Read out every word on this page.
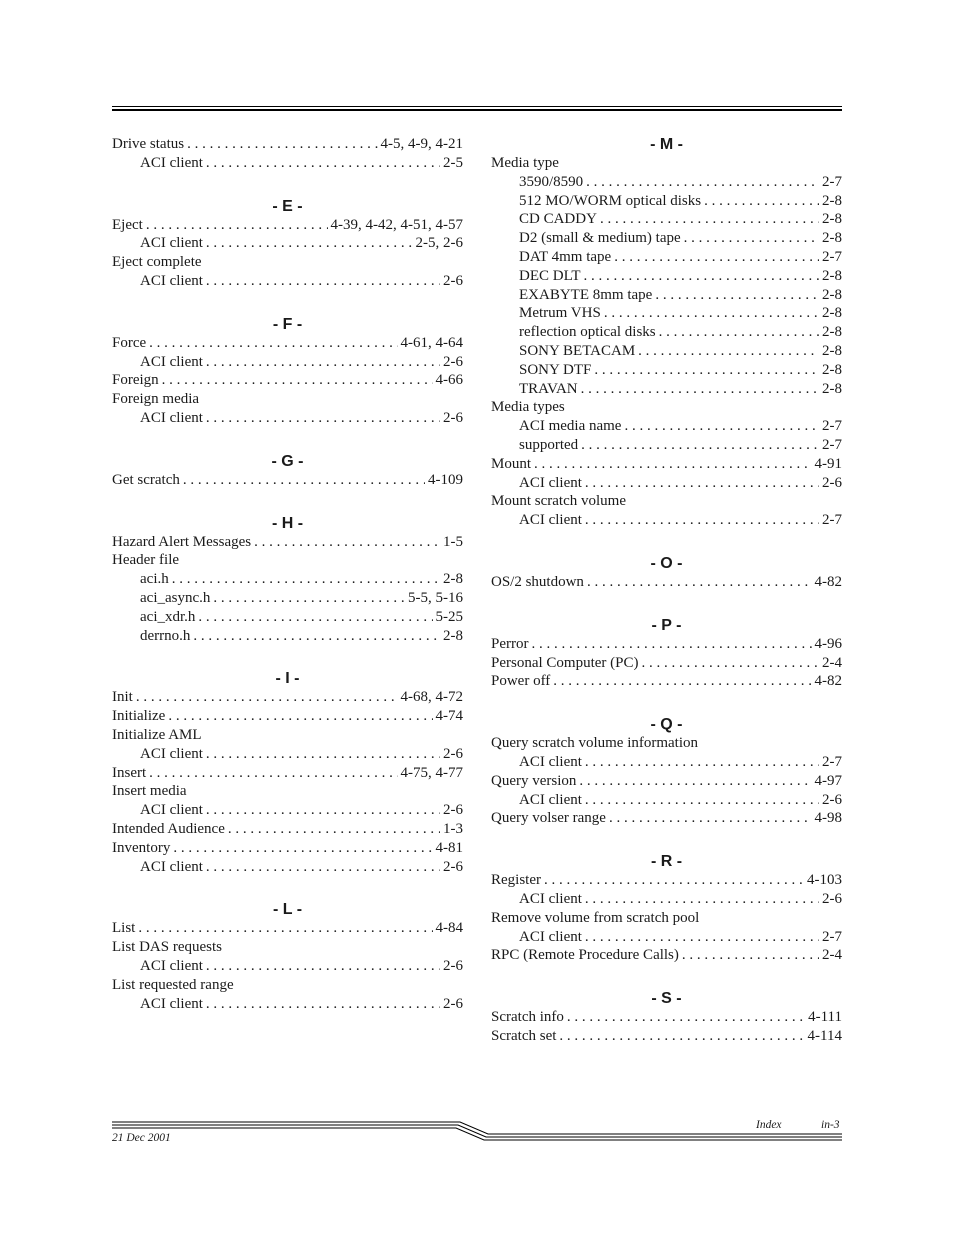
Drive status . . .	4-5, 4-9, 4-21
ACI client . . .	2-5
- E -
Eject . . .	4-39, 4-42, 4-51, 4-57
ACI client . . .	2-5, 2-6
Eject complete
ACI client . . .	2-6
- F -
Force . . .	4-61, 4-64
ACI client . . .	2-6
Foreign . . .	4-66
Foreign media
ACI client . . .	2-6
- G -
Get scratch . . .	4-109
- H -
Hazard Alert Messages . . .	1-5
Header file
aci.h . . .	2-8
aci_async.h . . .	5-5, 5-16
aci_xdr.h . . .	5-25
derrno.h . . .	2-8
- I -
Init . . .	4-68, 4-72
Initialize . . .	4-74
Initialize AML
ACI client . . .	2-6
Insert . . .	4-75, 4-77
Insert media
ACI client . . .	2-6
Intended Audience . . .	1-3
Inventory . . .	4-81
ACI client . . .	2-6
- L -
List . . .	4-84
List DAS requests
ACI client . . .	2-6
List requested range
ACI client . . .	2-6
- M -
Media type
3590/8590 . . .	2-7
512 MO/WORM optical disks . . .	2-8
CD CADDY . . .	2-8
D2 (small & medium) tape . . .	2-8
DAT 4mm tape . . .	2-7
DEC DLT . . .	2-8
EXABYTE 8mm tape . . .	2-8
Metrum VHS . . .	2-8
reflection optical disks . . .	2-8
SONY BETACAM . . .	2-8
SONY DTF . . .	2-8
TRAVAN . . .	2-8
Media types
ACI media name . . .	2-7
supported . . .	2-7
Mount . . .	4-91
ACI client . . .	2-6
Mount scratch volume
ACI client . . .	2-7
- O -
OS/2 shutdown . . .	4-82
- P -
Perror . . .	4-96
Personal Computer (PC) . . .	2-4
Power off . . .	4-82
- Q -
Query scratch volume information
ACI client . . .	2-7
Query version . . .	4-97
ACI client . . .	2-6
Query volser range . . .	4-98
- R -
Register . . .	4-103
ACI client . . .	2-6
Remove volume from scratch pool
ACI client . . .	2-7
RPC (Remote Procedure Calls) . . .	2-4
- S -
Scratch info . . .	4-111
Scratch set . . .	4-114
Index	in-3
21 Dec 2001
